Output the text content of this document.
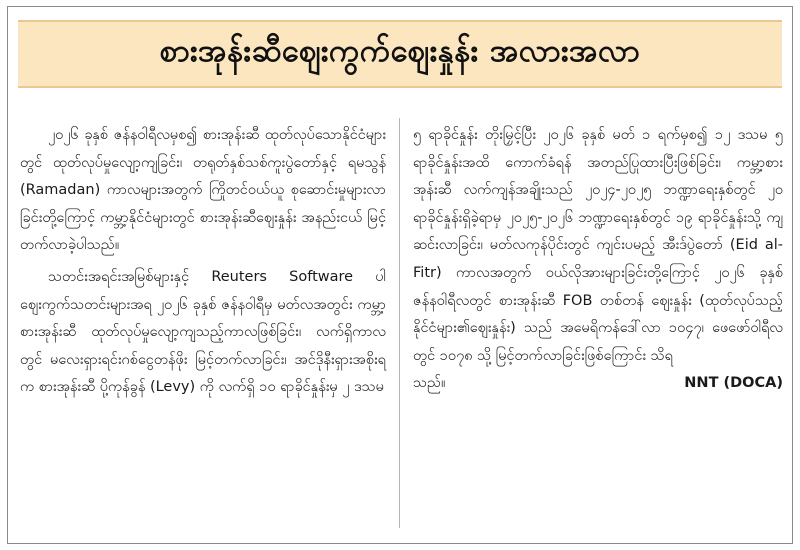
စားအုန်းဆီဈေးကွက်ဈေးနှုန်း အလားအလာ

၂၀၂၆ ခုနှစ် ဇန်နဝါရီလမှစ၍ စားအုန်းဆီ ထုတ်လုပ်သောနိုင်ငံများတွင် ထုတ်လုပ်မှုလျော့ကျခြင်း၊ တရုတ်နှစ်သစ်ကူးပွဲတော်နှင့် ရမသွန် (Ramadan) ကာလများအတွက် ကြိုတင်ဝယ်ယူ စုဆောင်းမှုများလာခြင်းတို့ကြောင့် ကမ္ဘာ့နိုင်ငံများတွင် စားအုန်းဆီဈေးနှုန်း အနည်းငယ် မြင့်တက်လာခဲ့ပါသည်။

သတင်းအရင်းအမြစ်များနှင့် Reuters Software ပါ ဈေးကွက်သတင်းများအရ ၂၀၂၆ ခုနှစ် ဇန်နဝါရီမှ မတ်လအတွင်း ကမ္ဘာ့စားအုန်းဆီ ထုတ်လုပ်မှုလျော့ကျသည့်ကာလဖြစ်ခြင်း၊ လက်ရှိကာလတွင် မလေးရှားရင်းဂစ်ငွေတန်ဖိုး မြင့်တက်လာခြင်း၊ အင်ဒိုနီးရှားအစိုးရက စားအုန်းဆီ ပို့ကုန်ခွန် (Levy) ကို လက်ရှိ ၁၀ ရာခိုင်နှုန်းမှ ၂ ဒသမ

၅ ရာခိုင်နှုန်း တိုးမြှင့်ပြီး ၂၀၂၆ ခုနှစ် မတ် ၁ ရက်မှစ၍ ၁၂ ဒသမ ၅ ရာခိုင်နှုန်းအထိ ကောက်ခံရန် အတည်ပြုထားပြီးဖြစ်ခြင်း၊ ကမ္ဘာ့စားအုန်းဆီ လက်ကျန်အချိုးသည် ၂၀၂၄-၂၀၂၅ ဘဏ္ဍာရေးနှစ်တွင် ၂၀ ရာခိုင်နှုန်းရှိခဲ့ရာမှ ၂၀၂၅-၂၀၂၆ ဘဏ္ဍာရေးနှစ်တွင် ၁၉ ရာခိုင်နှုန်းသို့ ကျဆင်းလာခြင်း၊ မတ်လကုန်ပိုင်းတွင် ကျင်းပမည့် အီးဒ်ပွဲတော် (Eid al-Fitr) ကာလအတွက် ဝယ်လိုအားများခြင်းတို့ကြောင့် ၂၀၂၆ ခုနှစ် ဇန်နဝါရီလတွင် စားအုန်းဆီ FOB တစ်တန် ဈေးနှုန်း (ထုတ်လုပ်သည့် နိုင်ငံများ၏ဈေးနှုန်း) သည် အမေရိကန်ဒေါ်လာ ၁၀၄၇၊ ဖေဖော်ဝါရီလတွင် ၁၀၇၈ သို့ မြင့်တက်လာခြင်းဖြစ်ကြောင်း သိရ

သည်။	NNT (DOCA)
